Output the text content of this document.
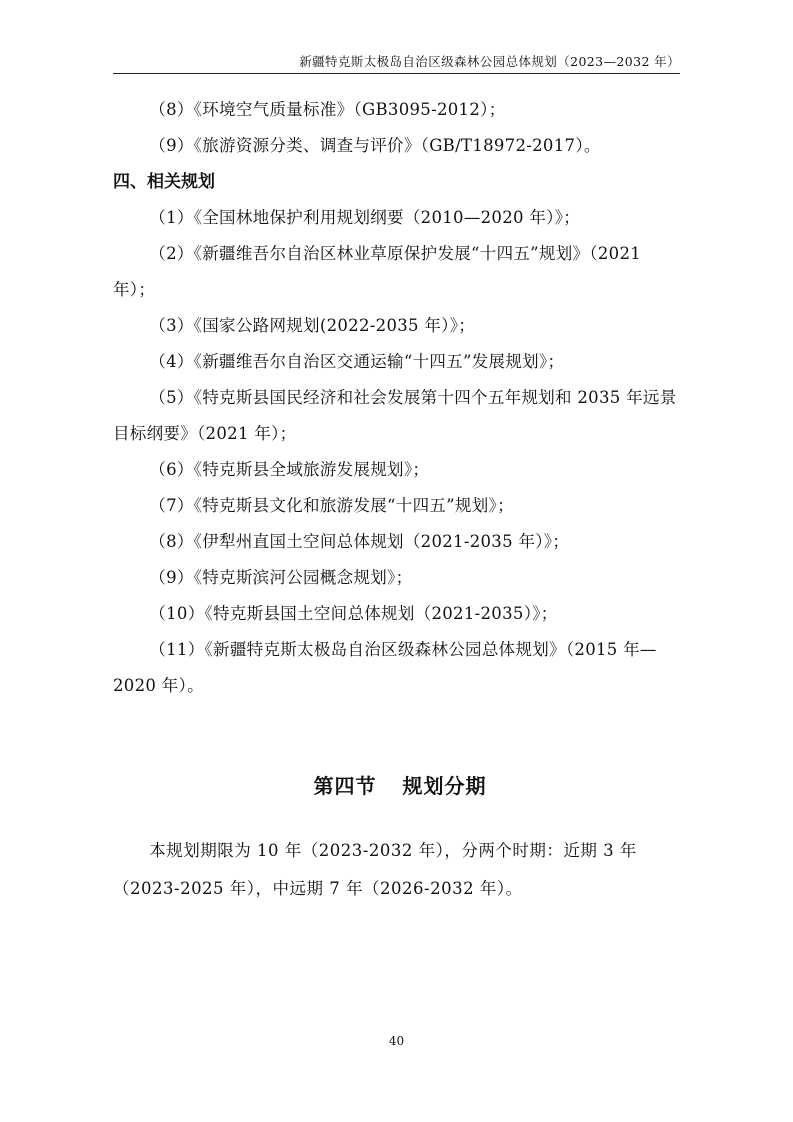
新疆特克斯太极岛自治区级森林公园总体规划（2023—2032 年）

（8）《环境空气质量标准》（GB3095-2012）；

（9）《旅游资源分类、调查与评价》（GB/T18972-2017）。

四、相关规划

（1）《全国林地保护利用规划纲要（2010—2020 年）》；

（2）《新疆维吾尔自治区林业草原保护发展“十四五”规划》（2021 年）；

（3）《国家公路网规划(2022-2035 年）》；

（4）《新疆维吾尔自治区交通运输“十四五”发展规划》；

（5）《特克斯县国民经济和社会发展第十四个五年规划和 2035 年远景目标纲要》（2021 年）；

（6）《特克斯县全域旅游发展规划》；

（7）《特克斯县文化和旅游发展“十四五”规划》；

（8）《伊犁州直国土空间总体规划（2021-2035 年）》；

（9）《特克斯滨河公园概念规划》；

（10）《特克斯县国土空间总体规划（2021-2035）》；

（11）《新疆特克斯太极岛自治区级森林公园总体规划》（2015 年—2020 年）。

第四节 规划分期

本规划期限为 10 年（2023-2032 年），分两个时期：近期 3 年（2023-2025 年），中远期 7 年（2026-2032 年）。

40
